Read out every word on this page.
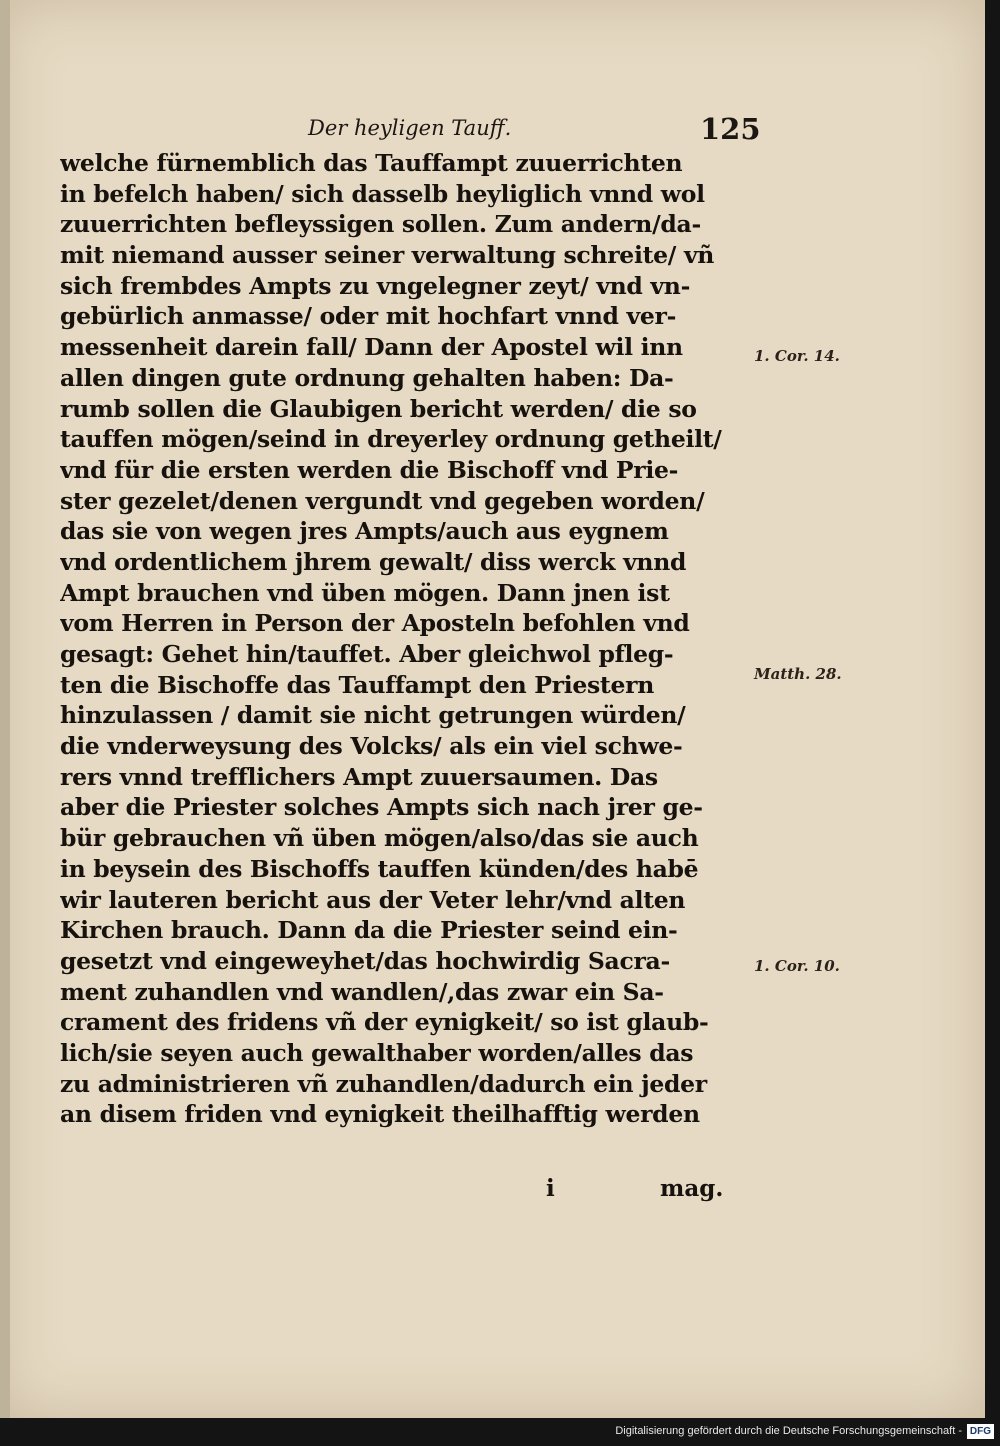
Der heyligen Tauff.	125
welche fürnemblich das Tauffampt zuuerrichten
in befelch haben/ sich dasselb heyliglich vnnd wol
zuuerrichten befleyssigen sollen. Zum andern/da-
mit niemand ausser seiner verwaltung schreite/ vñ
sich frembdes Ampts zu vngelegner zeyt/ vnd vn-
gebürlich anmasse/ oder mit hochfart vnnd ver-
messenheit darein fall/ Dann der Apostel wil inn
allen dingen gute ordnung gehalten haben: Da-
rumb sollen die Glaubigen bericht werden/ die so
tauffen mögen/seind in dreyerley ordnung getheilt/
vnd für die ersten werden die Bischoff vnd Prie-
ster gezelet/denen vergundt vnd gegeben worden/
das sie von wegen jres Ampts/auch aus eygnem
vnd ordentlichem jhrem gewalt/ diss werck vnnd
Ampt brauchen vnd üben mögen. Dann jnen ist
vom Herren in Person der Aposteln befohlen vnd
gesagt: Gehet hin/tauffet. Aber gleichwol pfleg-
ten die Bischoffe das Tauffampt den Priestern
hinzulassen / damit sie nicht getrungen würden/
die vnderweysung des Volcks/ als ein viel schwe-
rers vnnd trefflichers Ampt zuuersaumen. Das
aber die Priester solches Ampts sich nach jrer ge-
bür gebrauchen vñ üben mögen/also/das sie auch
in beysein des Bischoffs tauffen künden/des habē
wir lauteren bericht aus der Veter lehr/vnd alten
Kirchen brauch. Dann da die Priester seind ein-
gesetzt vnd eingeweyhet/das hochwirdig Sacra-
ment zuhandlen vnd wandlen/,das zwar ein Sa-
crament des fridens vñ der eynigkeit/ so ist glaub-
lich/sie seyen auch gewalthaber worden/alles das
zu administrieren vñ zuhandlen/dadurch ein jeder
an disem friden vnd eynigkeit theilhafftig werden
1. Cor. 14.
Matth. 28.
1. Cor. 10.
i	mag.
Digitalisierung gefördert durch die Deutsche Forschungsgemeinschaft - DFG
